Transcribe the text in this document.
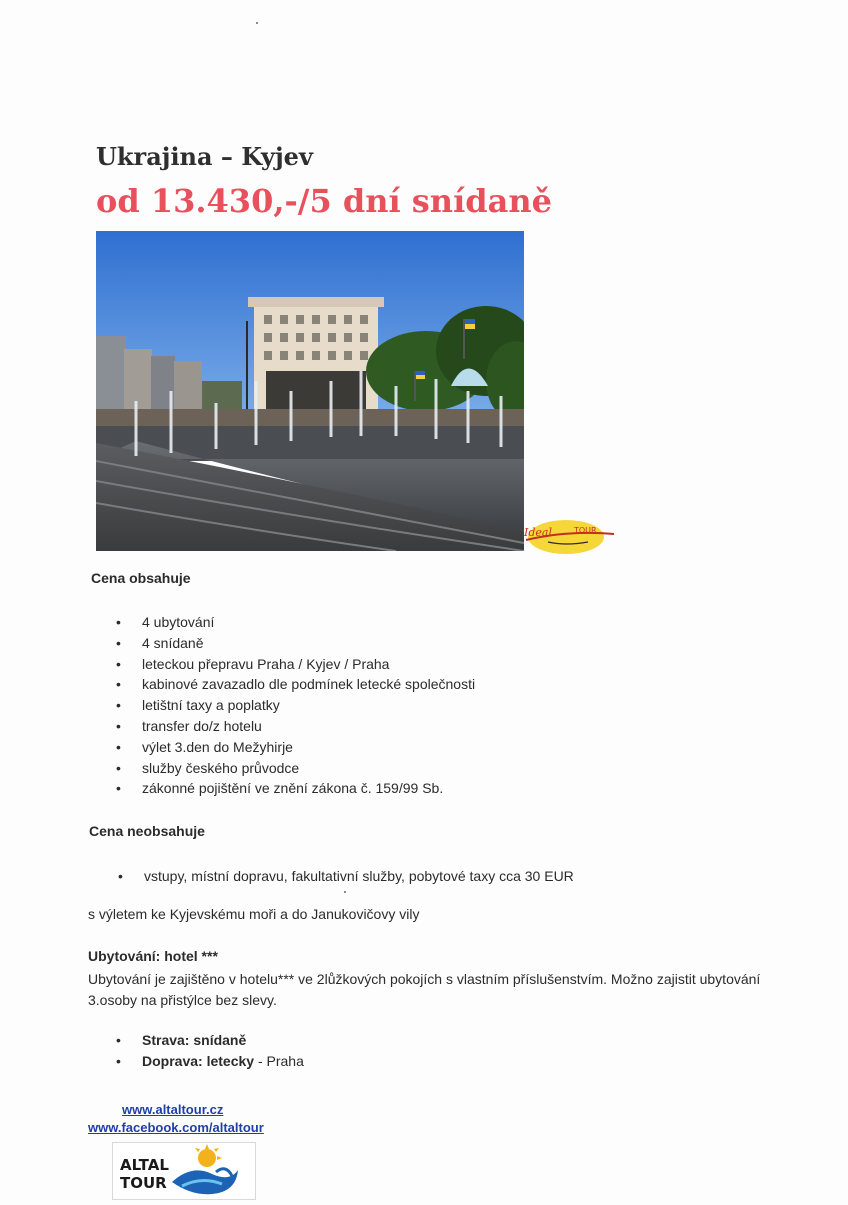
Ukrajina – Kyjev
od 13.430,-/5 dní snídaně
Ideal	TOUR
Cena obsahuje
• 4 ubytování
• 4 snídaně
• leteckou přepravu Praha / Kyjev / Praha
• kabinové zavazadlo dle podmínek letecké společnosti
• letištní taxy a poplatky
• transfer do/z hotelu
• výlet 3.den do Mežyhirje
• služby českého průvodce
• zákonné pojištění ve znění zákona č. 159/99 Sb.
Cena neobsahuje
• vstupy, místní dopravu, fakultativní služby, pobytové taxy cca 30 EUR
s výletem ke Kyjevskému moři a do Janukovičovy vily
Ubytování: hotel ***
Ubytování je zajištěno v hotelu*** ve 2lůžkových pokojích s vlastním příslušenstvím. Možno zajistit ubytování 3.osoby na přistýlce bez slevy.
• Strava: snídaně
• Doprava: letecky - Praha
www.altaltour.cz
www.facebook.com/altaltour
ALTAL
TOUR
